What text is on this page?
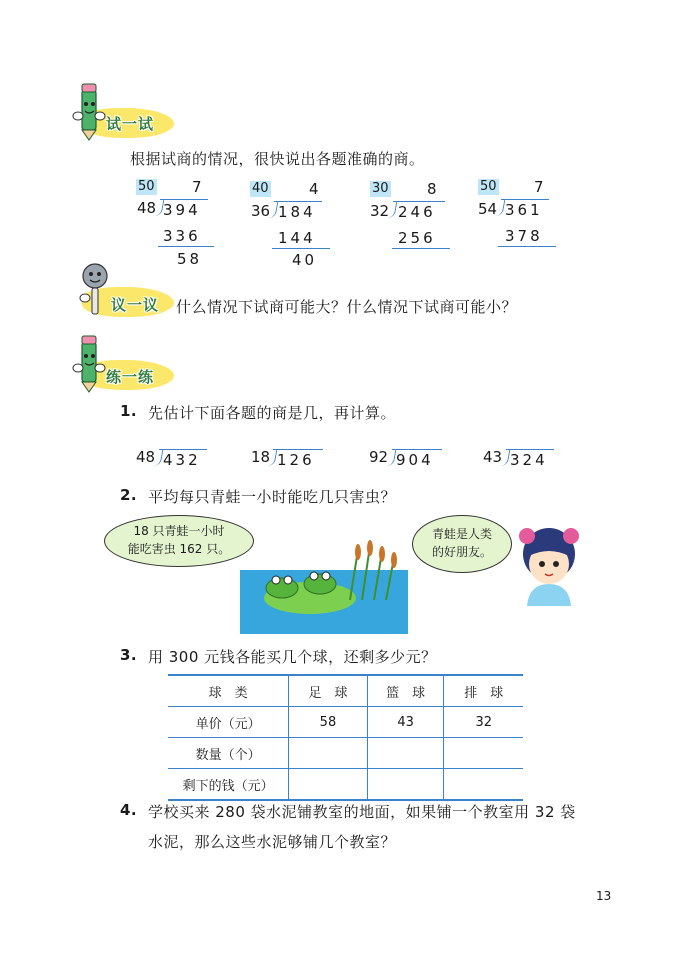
试一试
根据试商的情况，很快说出各题准确的商。
50 7
48 394
336
58
40	4
36 184
144
40
30	8
32 246
256
50 7
54 361
378
议一议 什么情况下试商可能大？什么情况下试商可能小？
练一练
1. 先估计下面各题的商是几，再计算。
48 432	18 126	92 904	43 324
2. 平均每只青蛙一小时能吃几只害虫？
18 只青蛙一小时
能吃害虫 162 只。
青蛙是人类
的好朋友。
3. 用 300 元钱各能买几个球，还剩多少元？
球　类	足　球	篮　球	排　球
单价（元）	58	43	32
数量（个）			
剩下的钱（元）			
4. 学校买来 280 袋水泥铺教室的地面，如果铺一个教室用 32 袋
水泥，那么这些水泥够铺几个教室？
13
